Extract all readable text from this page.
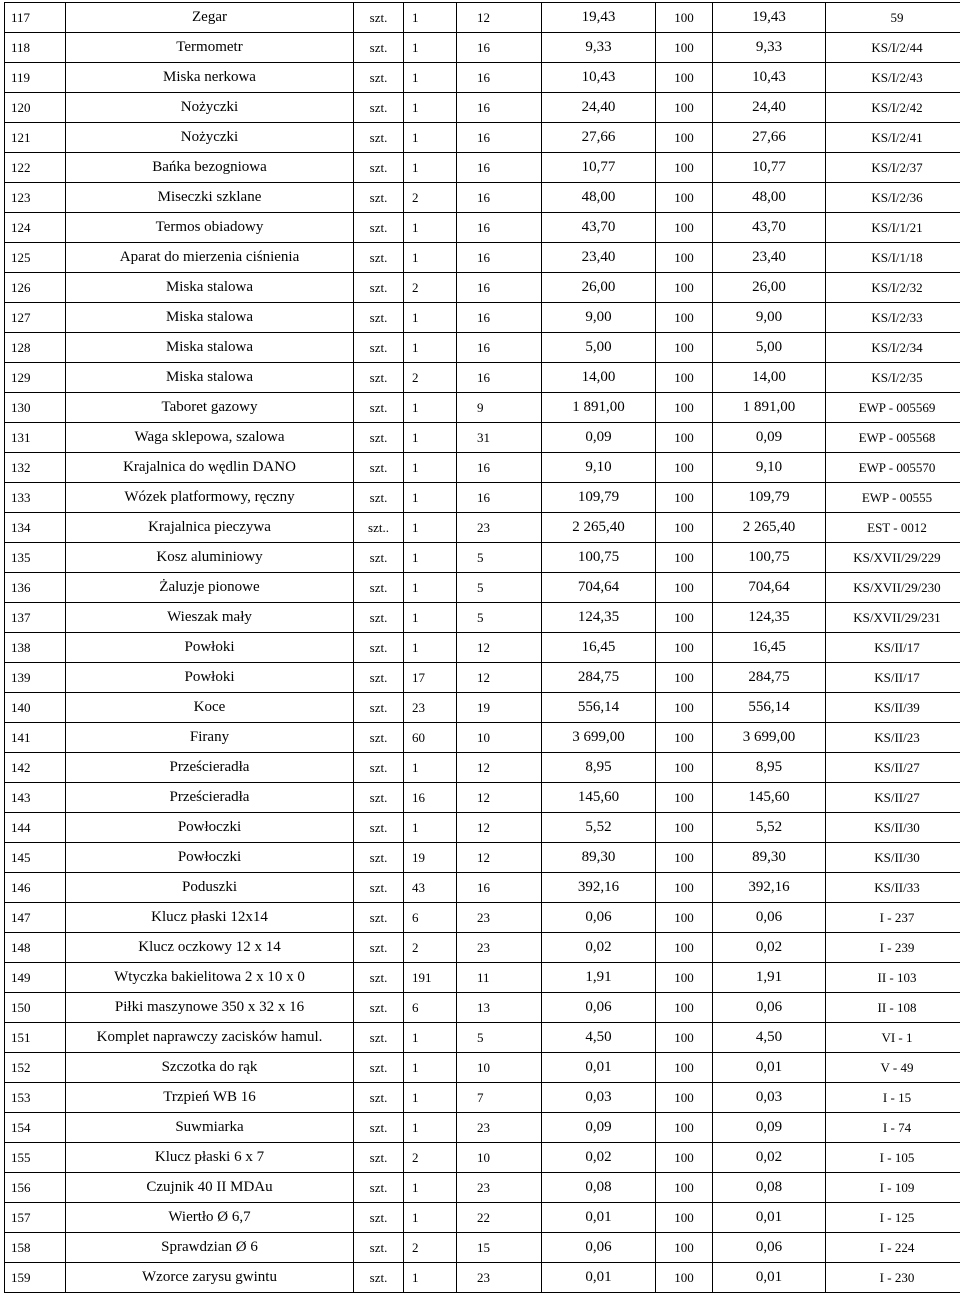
117	Zegar	szt.	1	12	19,43	100	19,43	59
118	Termometr	szt.	1	16	9,33	100	9,33	KS/I/2/44
119	Miska nerkowa	szt.	1	16	10,43	100	10,43	KS/I/2/43
120	Nożyczki	szt.	1	16	24,40	100	24,40	KS/I/2/42
121	Nożyczki	szt.	1	16	27,66	100	27,66	KS/I/2/41
122	Bańka bezogniowa	szt.	1	16	10,77	100	10,77	KS/I/2/37
123	Miseczki szklane	szt.	2	16	48,00	100	48,00	KS/I/2/36
124	Termos obiadowy	szt.	1	16	43,70	100	43,70	KS/I/1/21
125	Aparat do mierzenia ciśnienia	szt.	1	16	23,40	100	23,40	KS/I/1/18
126	Miska stalowa	szt.	2	16	26,00	100	26,00	KS/I/2/32
127	Miska stalowa	szt.	1	16	9,00	100	9,00	KS/I/2/33
128	Miska stalowa	szt.	1	16	5,00	100	5,00	KS/I/2/34
129	Miska stalowa	szt.	2	16	14,00	100	14,00	KS/I/2/35
130	Taboret gazowy	szt.	1	9	1 891,00	100	1 891,00	EWP - 005569
131	Waga sklepowa, szalowa	szt.	1	31	0,09	100	0,09	EWP - 005568
132	Krajalnica do wędlin DANO	szt.	1	16	9,10	100	9,10	EWP - 005570
133	Wózek platformowy, ręczny	szt.	1	16	109,79	100	109,79	EWP - 00555
134	Krajalnica pieczywa	szt..	1	23	2 265,40	100	2 265,40	EST - 0012
135	Kosz aluminiowy	szt.	1	5	100,75	100	100,75	KS/XVII/29/229
136	Żaluzje pionowe	szt.	1	5	704,64	100	704,64	KS/XVII/29/230
137	Wieszak mały	szt.	1	5	124,35	100	124,35	KS/XVII/29/231
138	Powłoki	szt.	1	12	16,45	100	16,45	KS/II/17
139	Powłoki	szt.	17	12	284,75	100	284,75	KS/II/17
140	Koce	szt.	23	19	556,14	100	556,14	KS/II/39
141	Firany	szt.	60	10	3 699,00	100	3 699,00	KS/II/23
142	Prześcieradła	szt.	1	12	8,95	100	8,95	KS/II/27
143	Prześcieradła	szt.	16	12	145,60	100	145,60	KS/II/27
144	Powłoczki	szt.	1	12	5,52	100	5,52	KS/II/30
145	Powłoczki	szt.	19	12	89,30	100	89,30	KS/II/30
146	Poduszki	szt.	43	16	392,16	100	392,16	KS/II/33
147	Klucz płaski 12x14	szt.	6	23	0,06	100	0,06	I - 237
148	Klucz oczkowy 12 x 14	szt.	2	23	0,02	100	0,02	I - 239
149	Wtyczka bakielitowa 2 x 10 x 0	szt.	191	11	1,91	100	1,91	II - 103
150	Piłki maszynowe 350 x 32 x 16	szt.	6	13	0,06	100	0,06	II - 108
151	Komplet naprawczy zacisków hamul.	szt.	1	5	4,50	100	4,50	VI - 1
152	Szczotka do rąk	szt.	1	10	0,01	100	0,01	V - 49
153	Trzpień WB 16	szt.	1	7	0,03	100	0,03	I - 15
154	Suwmiarka	szt.	1	23	0,09	100	0,09	I - 74
155	Klucz płaski 6 x 7	szt.	2	10	0,02	100	0,02	I - 105
156	Czujnik 40 II MDAu	szt.	1	23	0,08	100	0,08	I - 109
157	Wiertło Ø 6,7	szt.	1	22	0,01	100	0,01	I - 125
158	Sprawdzian Ø 6	szt.	2	15	0,06	100	0,06	I - 224
159	Wzorce zarysu gwintu	szt.	1	23	0,01	100	0,01	I - 230
